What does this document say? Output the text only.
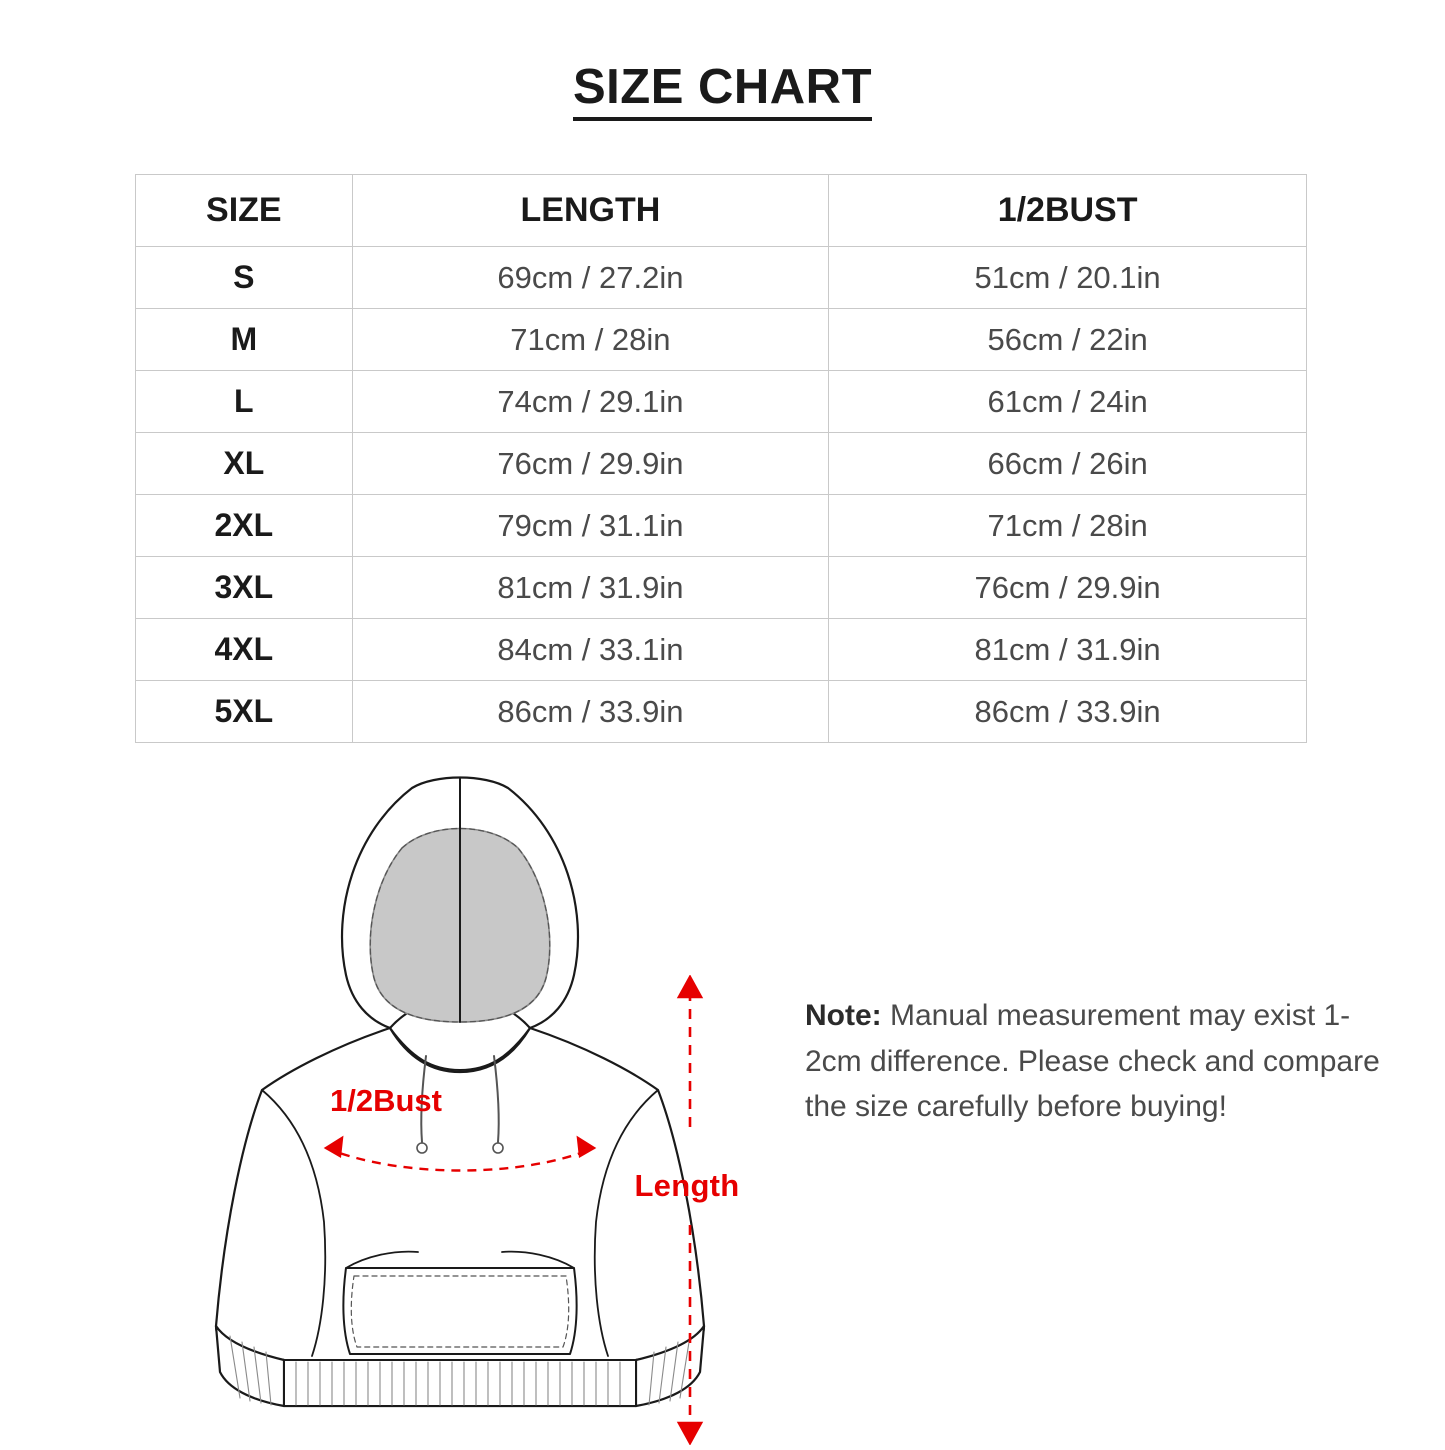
SIZE CHART
SIZE	LENGTH	1/2BUST
S	69cm / 27.2in	51cm / 20.1in
M	71cm / 28in	56cm / 22in
L	74cm / 29.1in	61cm / 24in
XL	76cm / 29.9in	66cm / 26in
2XL	79cm / 31.1in	71cm / 28in
3XL	81cm / 31.9in	76cm / 29.9in
4XL	84cm / 33.1in	81cm / 31.9in
5XL	86cm / 33.9in	86cm / 33.9in
1/2Bust
Length
Note: Manual measurement may exist 1-2cm difference. Please check and compare the size carefully before buying!
